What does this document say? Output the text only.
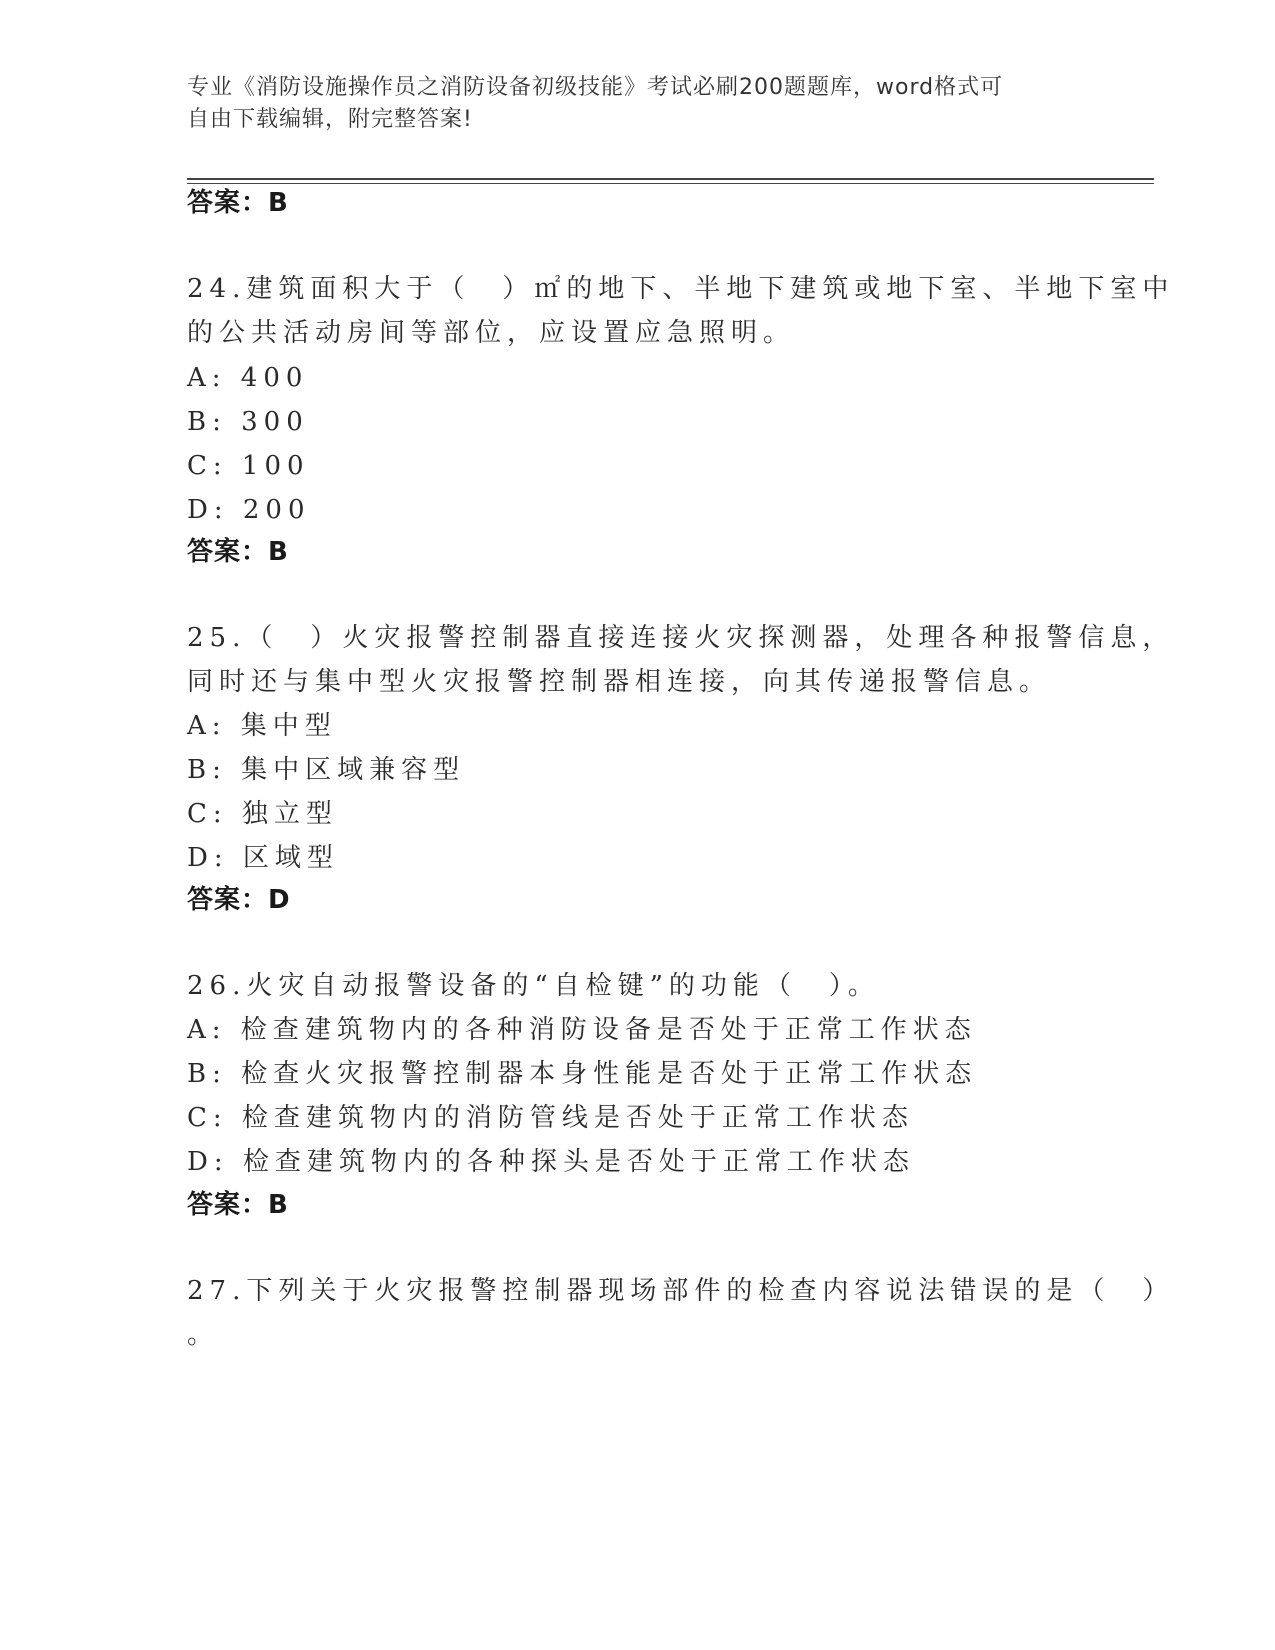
专业《消防设施操作员之消防设备初级技能》考试必刷200题题库，word格式可
自由下载编辑，附完整答案!
答案：B
24.建筑面积大于（　）㎡的地下、半地下建筑或地下室、半地下室中
的公共活动房间等部位，应设置应急照明。
A: 400
B: 300
C: 100
D: 200
答案：B
25.（　）火灾报警控制器直接连接火灾探测器，处理各种报警信息，
同时还与集中型火灾报警控制器相连接，向其传递报警信息。
A: 集中型
B: 集中区域兼容型
C: 独立型
D: 区域型
答案：D
26.火灾自动报警设备的“自检键”的功能（　）。
A: 检查建筑物内的各种消防设备是否处于正常工作状态
B: 检查火灾报警控制器本身性能是否处于正常工作状态
C: 检查建筑物内的消防管线是否处于正常工作状态
D: 检查建筑物内的各种探头是否处于正常工作状态
答案：B
27.下列关于火灾报警控制器现场部件的检查内容说法错误的是（　）
。
